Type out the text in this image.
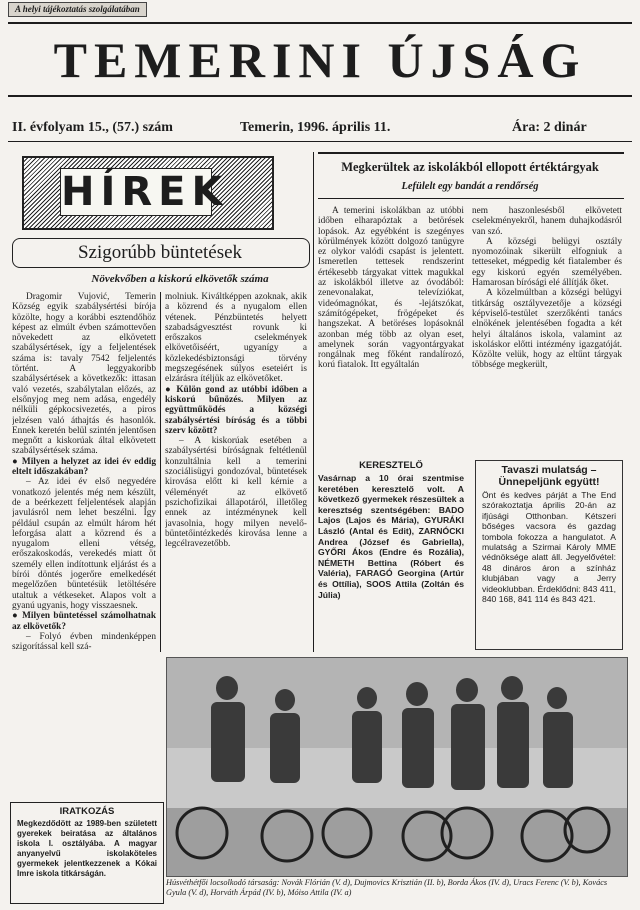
A helyi tájékoztatás szolgálatában
TEMERINI ÚJSÁG
II. évfolyam 15., (57.) szám	Temerin, 1996. április 11.	Ára: 2 dinár
HÍREK
Szigorúbb büntetések
Növekvőben a kiskorú elkövetők száma

Dragomir Vujović, Temerin Község egyik szabálysértési bírója közölte, hogy a korábbi esztendőhöz képest az elmúlt évben számottevően növekedett az elkövetett szabálysértések, így a feljelentések száma is: tavaly 7542 feljelentés történt. A leggyakoribb szabálysértések a következők: ittasan való vezetés, szabálytalan előzés, az elsőnyjog meg nem adása, engedély nélküli gépkocsivezetés, a piros jelzésen való áthajtás és hasonlók. Ennek keretén belül szintén jelentősen megnőtt a kiskorúak által elkövetett szabálysértések száma.

● Milyen a helyzet az idei év eddig eltelt időszakában?

– Az idei év első negyedére vonatkozó jelentés még nem készült, de a beérkezett feljelentések alapján javulásról nem lehet beszélni. Így például csupán az elmúlt három hét leforgása alatt a közrend és a nyugalom elleni vétség, erőszakoskodás, verekedés miatt öt személy ellen indítottunk eljárást és a bírói döntés jogerőre emelkedését megelőzően büntetésük letöltésére utaltuk a vétkeseket. Alapos volt a gyanú ugyanis, hogy visszaesnek.

● Milyen büntetéssel számolhatnak az elkövetők?

– Folyó évben mindenképpen szigorítással kell szá-

molniuk. Kiváltképpen azoknak, akik a közrend és a nyugalom ellen vétenek. Pénzbüntetés helyett szabadságvesztést rovunk ki erőszakos cselekmények elkövetőiséért, ugyanígy a közlekedésbiztonsági törvény megszegésének súlyos eseteiért is elzárásra ítéljük az elkövetőket.

● Külön gond az utóbbi időben a kiskorú bűnözés. Milyen az együttműködés a községi szabálysértési bíróság és a többi szerv között?

– A kiskorúak esetében a szabálysértési bíróságnak feltétlenül konzultálnia kell a temerini szociálisügyi gondozóval, büntetések kirovása előtt ki kell kérnie a véleményét az elkövető pszichofizikai állapotáról, illetőleg ennek az intézménynek kell javasolnia, hogy milyen nevelő-büntetőintézkedés kirovása lenne a legcélravezetőbb.

IRATKOZÁS
Megkezdődött az 1989-ben született gyerekek beiratása az általános iskola I. osztályába. A magyar anyanyelvű iskolaköteles gyermekek jelentkezzenek a Kókai Imre iskola titkárságán.
Megkerültek az iskolákból ellopott értéktárgyak
Lefülelt egy bandát a rendőrség

A temerini iskolákban az utóbbi időben elharapóztak a betörések lopások. Az egyébként is szegényes körülmények között dolgozó tanügyre ez olykor valódi csapást is jelentett. Ismeretlen tettesek rendszerint értékesebb tárgyakat vittek magukkal az iskolákból illetve az óvodából: zenevonalakat, televíziókat, videómagnókat, és -lejátszókat, számítógépeket, frögépeket és hangszekat. A betöréses lopásoknál azonban még több az olyan eset, amelynek során vagyontárgyakat rongálnak meg főként randalírozó, korú fiatalok. Itt egyáltalán

nem haszonlesésből elkövetett cselekményekről, hanem duhajkodásról van szó.

A községi belügyi osztály nyomozóinak sikerült elfogniuk a tetteseket, mégpedig két fiatalember és egy kiskorú egyén személyében. Hamarosan bírósági elé állítják őket.

A közelmúltban a községi belügyi titkárság osztályvezetője a községi képviselő-testület szerzőkénti tanács elnökének jelentésében fogadta a két helyi általános iskola, valamint az iskoláskor előtti intézmény igazgatóját. Közölte velük, hogy az eltűnt tárgyak többsége megkerült,

KERESZTELŐ
Vasárnap a 10 órai szentmise keretében keresztelő volt. A következő gyermekek részesültek a keresztség szentségében: BADO Lajos (Lajos és Mária), GYURÁKI László (Antal és Edit), ZARNÓCKI Andrea (József és Gabriella), GYŐRI Ákos (Endre és Rozália), NÉMETH Bettina (Róbert és Valéria), FARAGÓ Georgina (Artúr és Ottília), SOOS Attila (Zoltán és Júlia)
Tavaszi mulatság – Ünnepeljünk együtt!
Önt és kedves párját a The End szórakoztatja április 20-án az ifjúsági Otthonban. Kétszeri bőséges vacsora és gazdag tombola fokozza a hangulatot. A mulatság a Szirmai Károly MME védnöksége alatt áll. Jegyelővétel: 48 dináros áron a színház klubjában vagy a Jerry videoklubban. Érdeklődni: 843 411, 840 168, 841 114 és 843 421.
Húsvéthétfői locsolkodó társaság: Novák Flórián (V. d), Dujmovics Krisztián (II. b), Borda Ákos (IV. d), Uracs Ferenc (V. b), Kovács Gyula (V. d), Horváth Árpád (IV. b), Móiso Attila (IV. a)
